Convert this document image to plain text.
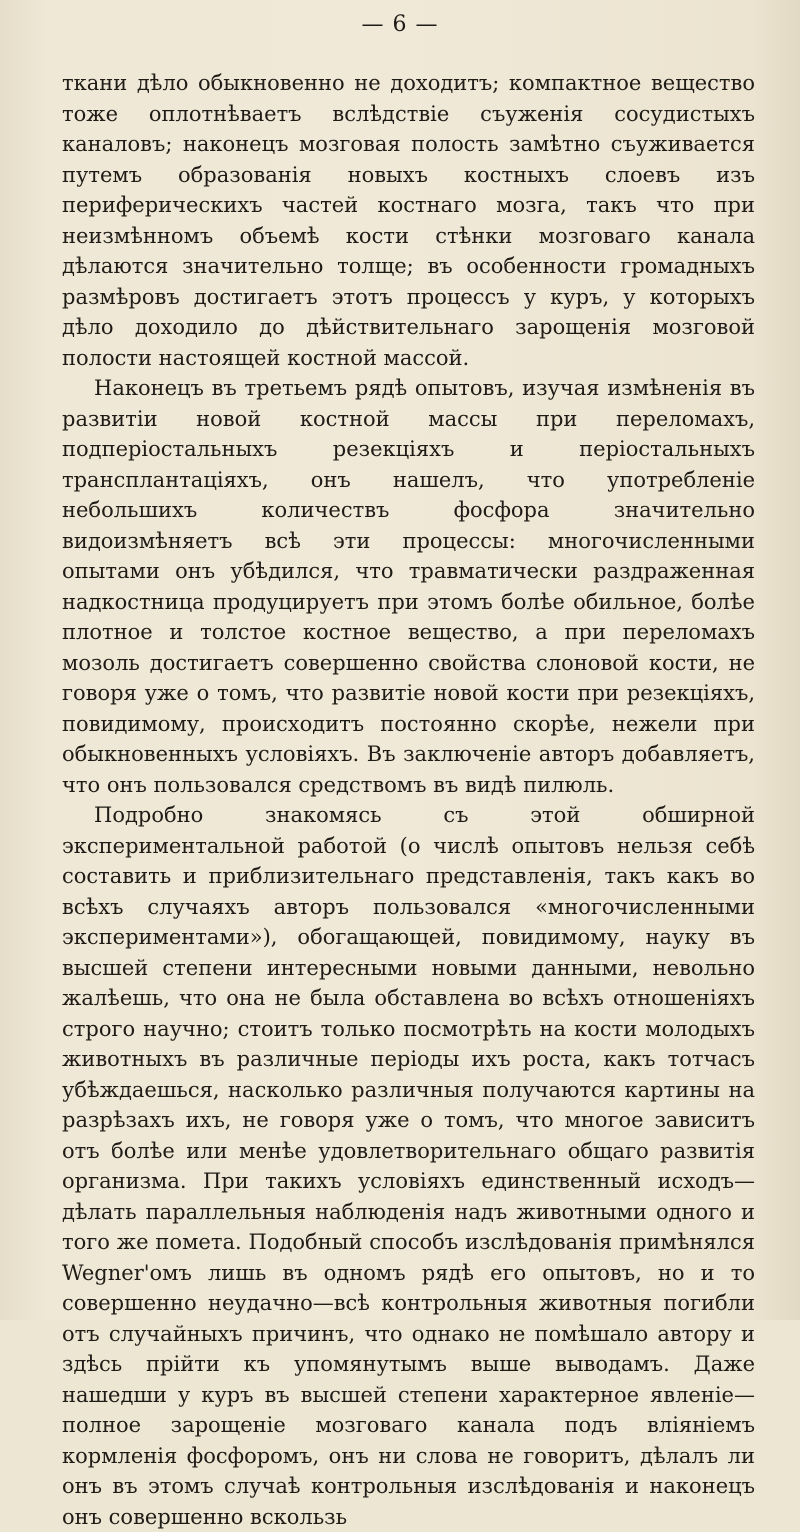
— 6 —

ткани дѣло обыкновенно не доходитъ; компактное вещество тоже оплотнѣваетъ вслѣдствіе съуженія сосудистыхъ каналовъ; наконецъ мозговая полость замѣтно съуживается путемъ образованія новыхъ костныхъ слоевъ изъ периферическихъ частей костнаго мозга, такъ что при неизмѣнномъ объемѣ кости стѣнки мозговаго канала дѣлаются значительно толще; въ особенности громадныхъ размѣровъ достигаетъ этотъ процессъ у куръ, у которыхъ дѣло доходило до дѣйствительнаго зарощенія мозговой полости настоящей костной массой.

Наконецъ въ третьемъ рядѣ опытовъ, изучая измѣненія въ развитіи новой костной массы при переломахъ, подперіостальныхъ резекціяхъ и періостальныхъ трансплантаціяхъ, онъ нашелъ, что употребленіе небольшихъ количествъ фосфора значительно видоизмѣняетъ всѣ эти процессы: многочисленными опытами онъ убѣдился, что травматически раздраженная надкостница продуцируетъ при этомъ болѣе обильное, болѣе плотное и толстое костное вещество, а при переломахъ мозоль достигаетъ совершенно свойства слоновой кости, не говоря уже о томъ, что развитіе новой кости при резекціяхъ, повидимому, происходитъ постоянно скорѣе, нежели при обыкновенныхъ условіяхъ. Въ заключеніе авторъ добавляетъ, что онъ пользовался средствомъ въ видѣ пилюль.

Подробно знакомясь съ этой обширной экспериментальной работой (о числѣ опытовъ нельзя себѣ составить и приблизительнаго представленія, такъ какъ во всѣхъ случаяхъ авторъ пользовался «многочисленными экспериментами»), обогащающей, повидимому, науку въ высшей степени интересными новыми данными, невольно жалѣешь, что она не была обставлена во всѣхъ отношеніяхъ строго научно; стоитъ только посмотрѣть на кости молодыхъ животныхъ въ различные періоды ихъ роста, какъ тотчасъ убѣждаешься, насколько различныя получаются картины на разрѣзахъ ихъ, не говоря уже о томъ, что многое зависитъ отъ болѣе или менѣе удовлетворительнаго общаго развитія организма. При такихъ условіяхъ единственный исходъ—дѣлать параллельныя наблюденія надъ животными одного и того же помета. Подобный способъ изслѣдованія примѣнялся Wegner'омъ лишь въ одномъ рядѣ его опытовъ, но и то совершенно неудачно—всѣ контрольныя животныя погибли отъ случайныхъ причинъ, что однако не помѣшало автору и здѣсь прійти къ упомянутымъ выше выводамъ. Даже нашедши у куръ въ высшей степени характерное явленіе—полное зарощеніе мозговаго канала подъ вліяніемъ кормленія фосфоромъ, онъ ни слова не говоритъ, дѣлалъ ли онъ въ этомъ случаѣ контрольныя изслѣдованія и наконецъ онъ совершенно вскользь
